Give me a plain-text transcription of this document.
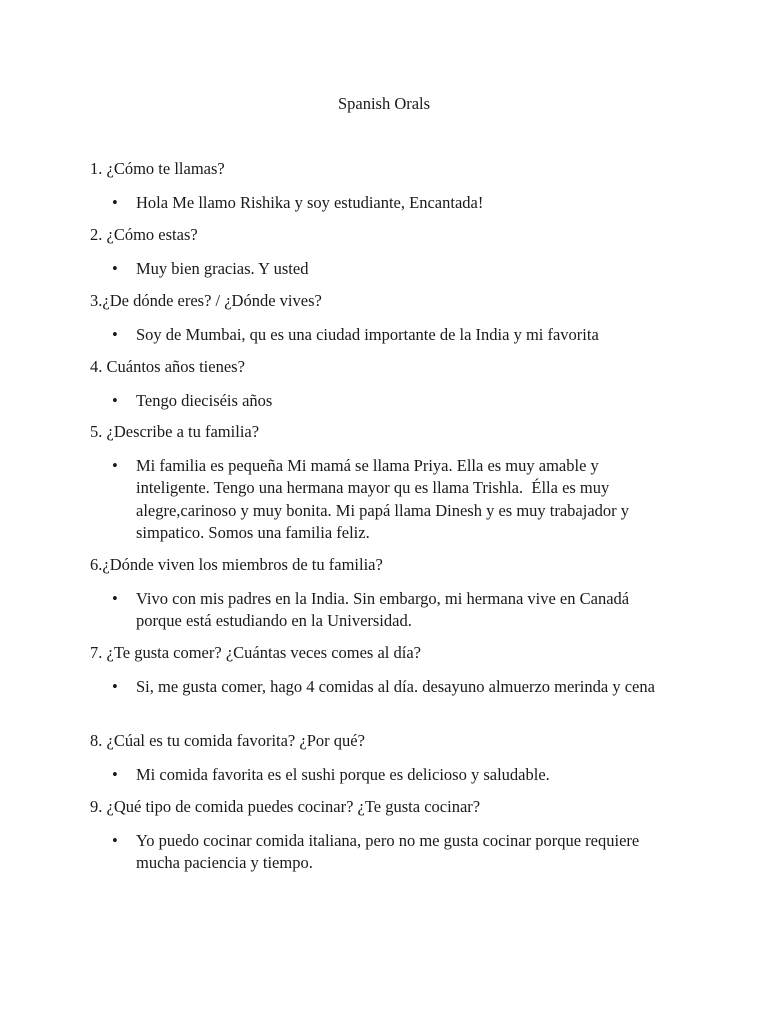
Spanish Orals
1. ¿Cómo te llamas?
• Hola Me llamo Rishika y soy estudiante, Encantada!
2. ¿Cómo estas?
• Muy bien gracias. Y usted
3.¿De dónde eres? / ¿Dónde vives?
• Soy de Mumbai, qu es una ciudad importante de la India y mi favorita
4. Cuántos años tienes?
• Tengo dieciséis años
5. ¿Describe a tu familia?
• Mi familia es pequeña Mi mamá se llama Priya. Ella es muy amable y inteligente. Tengo una hermana mayor qu es llama Trishla.  Élla es muy alegre,carinoso y muy bonita. Mi papá llama Dinesh y es muy trabajador y simpatico. Somos una familia feliz.
6.¿Dónde viven los miembros de tu familia?
• Vivo con mis padres en la India. Sin embargo, mi hermana vive en Canadá porque está estudiando en la Universidad.
7. ¿Te gusta comer? ¿Cuántas veces comes al día?
• Si, me gusta comer, hago 4 comidas al día. desayuno almuerzo merinda y cena
8. ¿Cúal es tu comida favorita? ¿Por qué?
• Mi comida favorita es el sushi porque es delicioso y saludable.
9. ¿Qué tipo de comida puedes cocinar? ¿Te gusta cocinar?
• Yo puedo cocinar comida italiana, pero no me gusta cocinar porque requiere mucha paciencia y tiempo.
